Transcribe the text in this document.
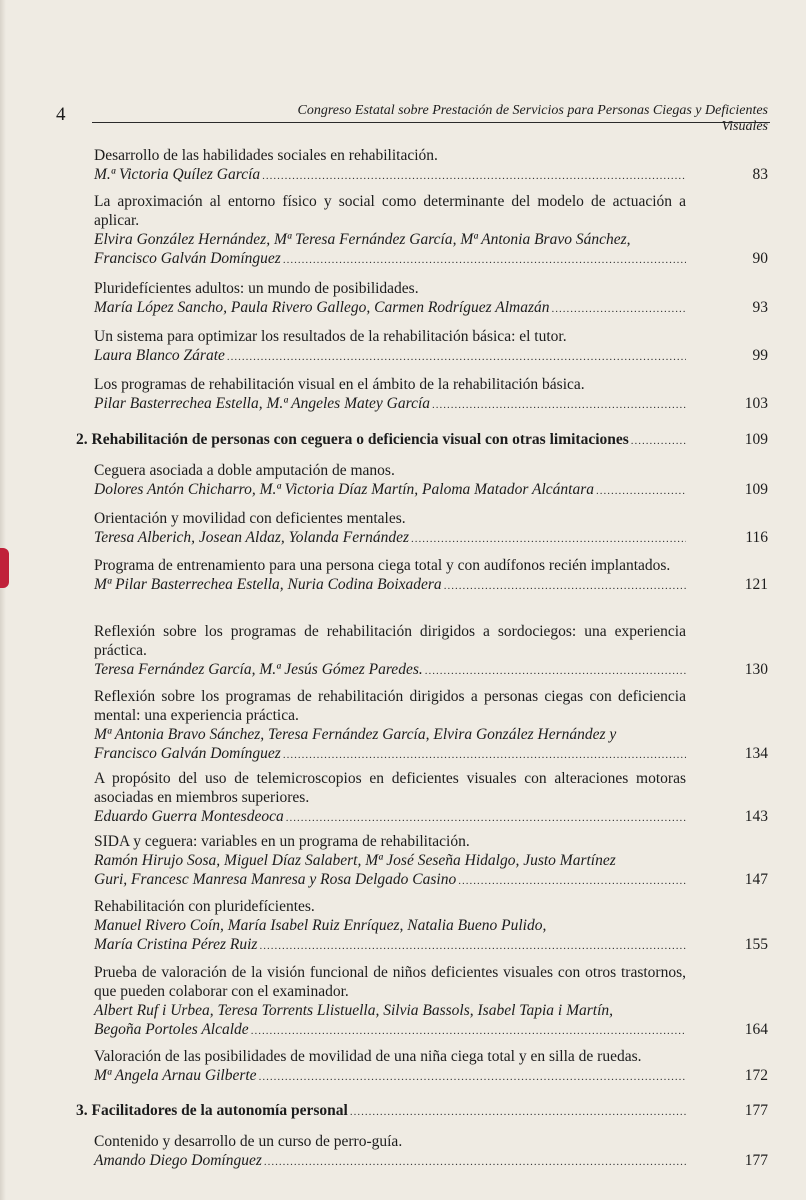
4	Congreso Estatal sobre Prestación de Servicios para Personas Ciegas y Deficientes Visuales
Desarrollo de las habilidades sociales en rehabilitación.
M.ª Victoria Quílez García .....	83
La aproximación al entorno físico y social como determinante del modelo de actuación a aplicar.
Elvira González Hernández, Mª Teresa Fernández García, Mª Antonia Bravo Sánchez,
Francisco Galván Domínguez .....	90
Pluridefícientes adultos: un mundo de posibilidades.
María López Sancho, Paula Rivero Gallego, Carmen Rodríguez Almazán .....	93
Un sistema para optimizar los resultados de la rehabilitación básica: el tutor.
Laura Blanco Zárate .....	99
Los programas de rehabilitación visual en el ámbito de la rehabilitación básica.
Pilar Basterrechea Estella, M.ª Angeles Matey García .....	103
2. Rehabilitación de personas con ceguera o deficiencia visual con otras limitaciones .....	109
Ceguera asociada a doble amputación de manos.
Dolores Antón Chicharro, M.ª Victoria Díaz Martín, Paloma Matador Alcántara .....	109
Orientación y movilidad con deficientes mentales.
Teresa Alberich, Josean Aldaz, Yolanda Fernández .....	116
Programa de entrenamiento para una persona ciega total y con audífonos recién implantados.
Mª Pilar Basterrechea Estella, Nuria Codina Boixadera .....	121
Reflexión sobre los programas de rehabilitación dirigidos a sordociegos: una experiencia práctica.
Teresa Fernández García, M.ª Jesús Gómez Paredes. .....	130
Reflexión sobre los programas de rehabilitación dirigidos a personas ciegas con deficiencia mental: una experiencia práctica.
Mª Antonia Bravo Sánchez, Teresa Fernández García, Elvira González Hernández y
Francisco Galván Domínguez .....	134
A propósito del uso de telemicroscopios en deficientes visuales con alteraciones motoras asociadas en miembros superiores.
Eduardo Guerra Montesdeoca .....	143
SIDA y ceguera: variables en un programa de rehabilitación.
Ramón Hirujo Sosa, Miguel Díaz Salabert, Mª José Seseña Hidalgo, Justo Martínez
Guri, Francesc Manresa Manresa y Rosa Delgado Casino .....	147
Rehabilitación con pluridefícientes.
Manuel Rivero Coín, María Isabel Ruiz Enríquez, Natalia Bueno Pulido,
María Cristina Pérez Ruiz .....	155
Prueba de valoración de la visión funcional de niños deficientes visuales con otros trastornos, que pueden colaborar con el examinador.
Albert Ruf i Urbea, Teresa Torrents Llistuella, Silvia Bassols, Isabel Tapia i Martín,
Begoña Portoles Alcalde .....	164
Valoración de las posibilidades de movilidad de una niña ciega total y en silla de ruedas.
Mª Angela Arnau Gilberte .....	172
3. Facilitadores de la autonomía personal .....	177
Contenido y desarrollo de un curso de perro-guía.
Amando Diego Domínguez .....	177
